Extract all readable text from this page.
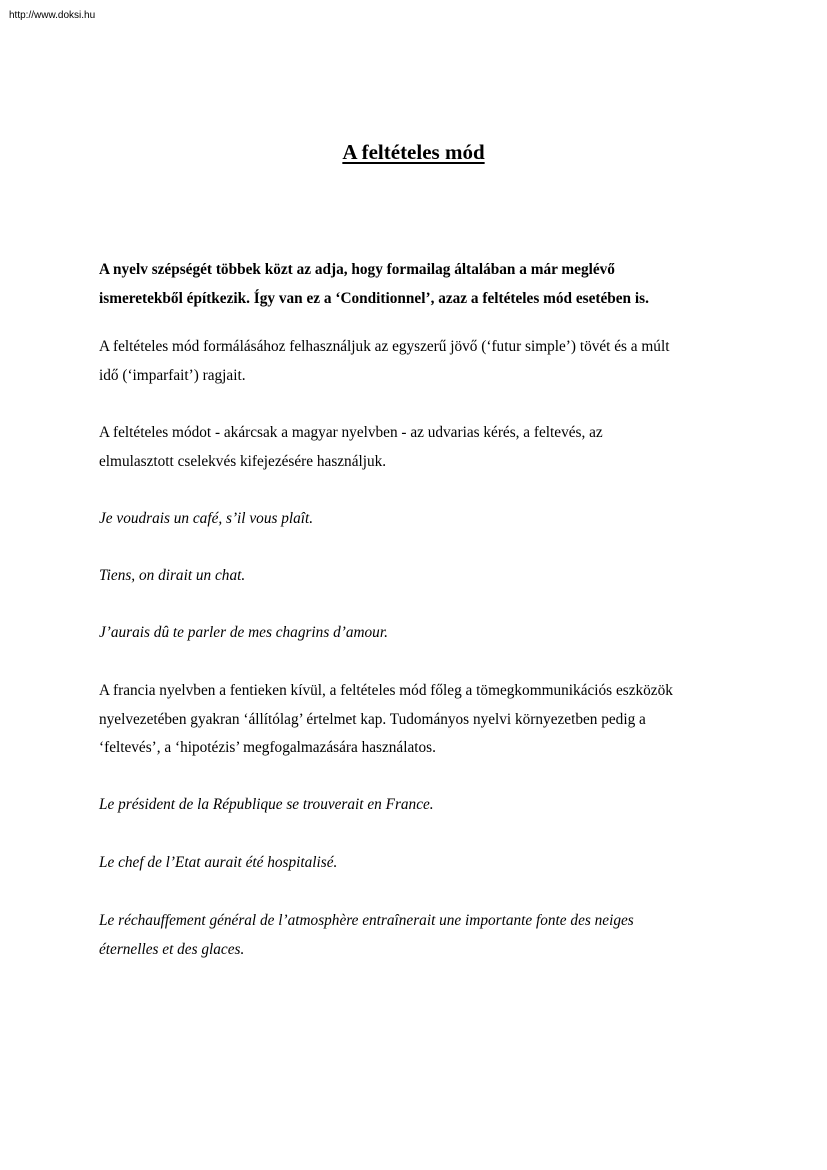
http://www.doksi.hu
A feltételes mód

A nyelv szépségét többek közt az adja, hogy formailag általában a már meglévő
ismeretekből építkezik. Így van ez a ‘Conditionnel’, azaz a feltételes mód esetében is.

A feltételes mód formálásához felhasználjuk az egyszerű jövő (‘futur simple’) tövét és a múlt
idő (‘imparfait’) ragjait.

A feltételes módot - akárcsak a magyar nyelvben - az udvarias kérés, a feltevés, az
elmulasztott cselekvés kifejezésére használjuk.

Je voudrais un café, s’il vous plaît.

Tiens, on dirait un chat.

J’aurais dû te parler de mes chagrins d’amour.

A francia nyelvben a fentieken kívül, a feltételes mód főleg a tömegkommunikációs eszközök
nyelvezetében gyakran ‘állítólag’ értelmet kap. Tudományos nyelvi környezetben pedig a
‘feltevés’, a ‘hipotézis’ megfogalmazására használatos.

Le président de la République se trouverait en France.

Le chef de l’Etat aurait été hospitalisé.

Le réchauffement général de l’atmosphère entraînerait une importante fonte des neiges
éternelles et des glaces.
